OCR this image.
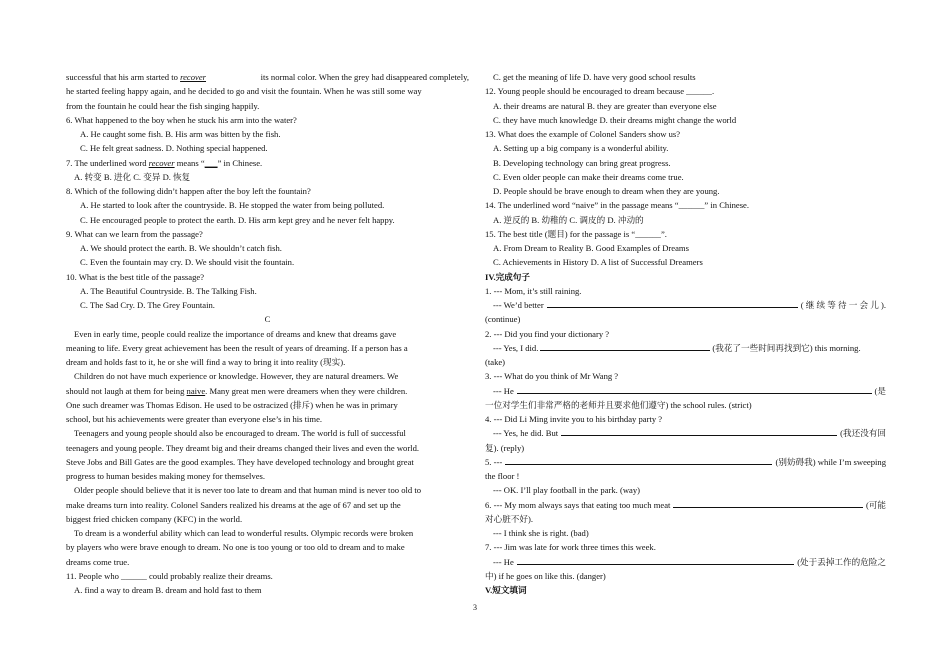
successful that his arm started to recover	its normal color. When the grey had disappeared completely,
he started feeling happy again, and he decided to go and visit the fountain. When he was still some way
from the fountain he could hear the fish singing happily.
6. What happened to the boy when he stuck his arm into the water?
A. He caught some fish. B. His arm was bitten by the fish.
C. He felt great sadness. D. Nothing special happened.
7. The underlined word recover means “___” in Chinese.
A. 转变 B. 进化 C. 变异 D. 恢复
8. Which of the following didn’t happen after the boy left the fountain?
A. He started to look after the countryside. B. He stopped the water from being polluted.
C. He encouraged people to protect the earth. D. His arm kept grey and he never felt happy.
9. What can we learn from the passage?
A. We should protect the earth. B. We shouldn’t catch fish.
C. Even the fountain may cry. D. We should visit the fountain.
10. What is the best title of the passage?
A. The Beautiful Countryside. B. The Talking Fish.
C. The Sad Cry. D. The Grey Fountain.
C
Even in early time, people could realize the importance of dreams and knew that dreams gave
meaning to life. Every great achievement has been the result of years of dreaming. If a person has a
dream and holds fast to it, he or she will find a way to bring it into reality (现实).
Children do not have much experience or knowledge. However, they are natural dreamers. We
should not laugh at them for being naive. Many great men were dreamers when they were children.
One such dreamer was Thomas Edison. He used to be ostracized (排斥) when he was in primary
school, but his achievements were greater than everyone else’s in his time.
Teenagers and young people should also be encouraged to dream. The world is full of successful
teenagers and young people. They dreamt big and their dreams changed their lives and even the world.
Steve Jobs and Bill Gates are the good examples. They have developed technology and brought great
progress to human besides making money for themselves.
Older people should believe that it is never too late to dream and that human mind is never too old to
make dreams turn into reality. Colonel Sanders realized his dreams at the age of 67 and set up the
biggest fried chicken company (KFC) in the world.
To dream is a wonderful ability which can lead to wonderful results. Olympic records were broken
by players who were brave enough to dream. No one is too young or too old to dream and to make
dreams come true.
11. People who ______ could probably realize their dreams.
A. find a way to dream B. dream and hold fast to them
C. get the meaning of life D. have very good school results
12. Young people should be encouraged to dream because ______.
A. their dreams are natural B. they are greater than everyone else
C. they have much knowledge D. their dreams might change the world
13. What does the example of Colonel Sanders show us?
A. Setting up a big company is a wonderful ability.
B. Developing technology can bring great progress.
C. Even older people can make their dreams come true.
D. People should be brave enough to dream when they are young.
14. The underlined word “naive” in the passage means “______” in Chinese.
A. 逆反的 B. 幼稚的 C. 调皮的 D. 冲动的
15. The best title (题目) for the passage is “______”.
A. From Dream to Reality B. Good Examples of Dreams
C. Achievements in History D. A list of Successful Dreamers
IV.完成句子
1. --- Mom, it’s still raining.
--- We’d better	( 继 续 等 待 一 会 儿 ).
(continue)
2. --- Did you find your dictionary ?
--- Yes, I did.	(我花了一些时间再找到它) this morning.
(take)
3. --- What do you think of Mr Wang ?
--- He	(是
一位对学生们非常严格的老师并且要求他们遵守) the school rules. (strict)
4. --- Did Li Ming invite you to his birthday party ?
--- Yes, he did. But	(我还没有回
复). (reply)
5. ---	(别妨碍我) while I’m sweeping
the floor !
--- OK. I’ll play football in the park. (way)
6. --- My mom always says that eating too much meat	(可能
对心脏不好).
--- I think she is right. (bad)
7. --- Jim was late for work three times this week.
--- He	(处于丢掉工作的危险之
中) if he goes on like this. (danger)
V.短文填词
3
